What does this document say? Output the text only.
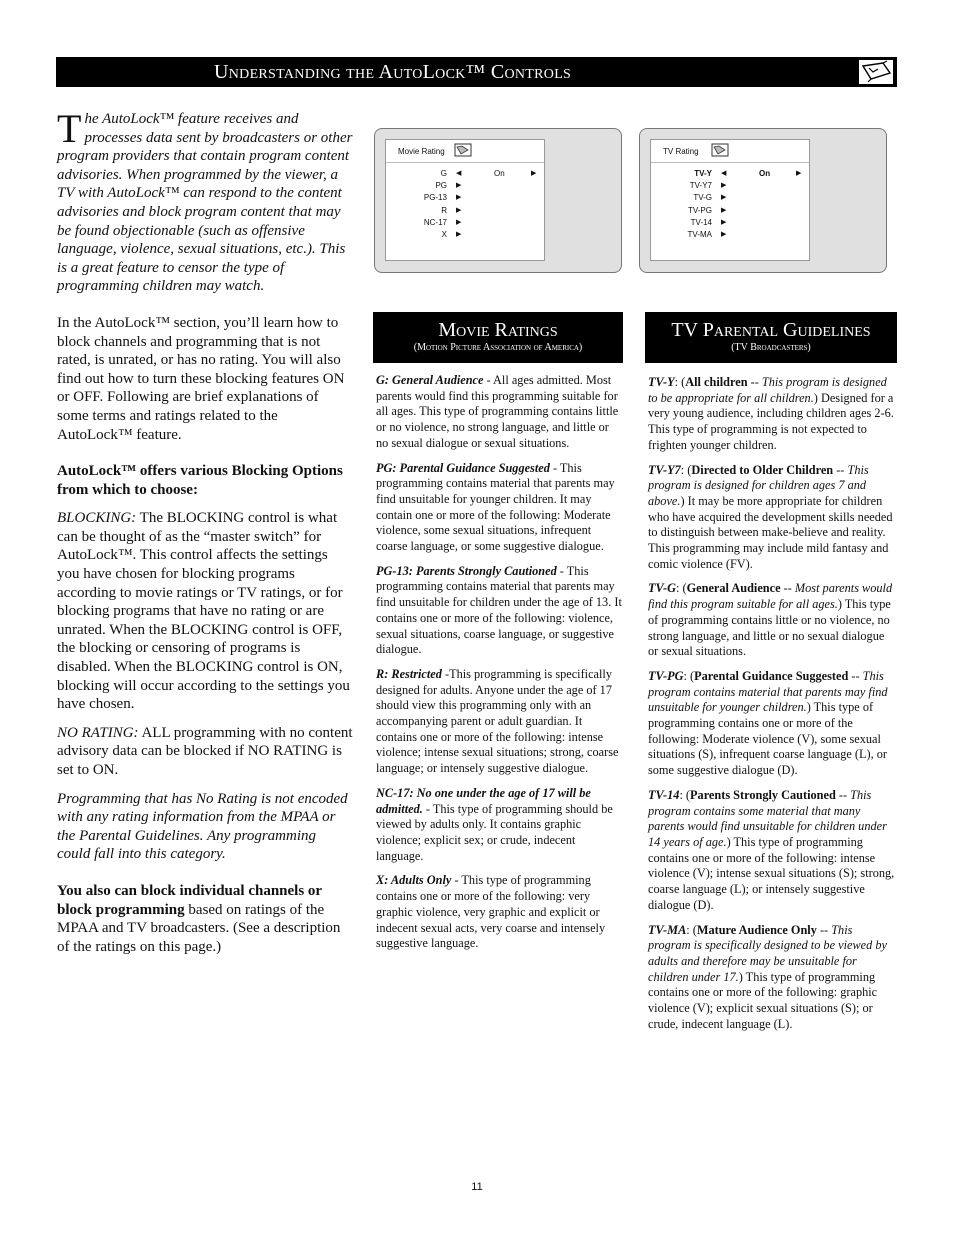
Understanding the AutoLock™ Controls

The AutoLock™ feature receives and processes data sent by broadcasters or other program providers that contain program content advisories. When programmed by the viewer, a TV with AutoLock™ can respond to the content advisories and block program content that may be found objectionable (such as offensive language, violence, sexual situations, etc.). This is a great feature to censor the type of programming children may watch.

In the AutoLock™ section, you’ll learn how to block channels and programming that is not rated, is unrated, or has no rating. You will also find out how to turn these blocking features ON or OFF. Following are brief explanations of some terms and ratings related to the AutoLock™ feature.

AutoLock™ offers various Blocking Options from which to choose:

BLOCKING: The BLOCKING control is what can be thought of as the “master switch” for AutoLock™. This control affects the settings you have chosen for blocking programs according to movie ratings or TV ratings, or for blocking programs that have no rating or are unrated. When the BLOCKING control is OFF, the blocking or censoring of programs is disabled. When the BLOCKING control is ON, blocking will occur according to the settings you have chosen.

NO RATING: ALL programming with no content advisory data can be blocked if NO RATING is set to ON.

Programming that has No Rating is not encoded with any rating information from the MPAA or the Parental Guidelines. Any programming could fall into this category.

You also can block individual channels or block programming based on ratings of the MPAA and TV broadcasters. (See a description of the ratings on this page.)

Movie Rating
G ◀	On	▶
PG ▶
PG-13 ▶
R ▶
NC-17 ▶
X ▶
TV Rating
TV-Y ◀	On	▶
TV-Y7 ▶
TV-G ▶
TV-PG ▶
TV-14 ▶
TV-MA ▶
Movie Ratings
(Motion Picture Association of America)

G: General Audience - All ages admitted. Most parents would find this programming suitable for all ages. This type of programming contains little or no violence, no strong language, and little or no sexual dialogue or sexual situations.

PG: Parental Guidance Suggested - This programming contains material that parents may find unsuitable for younger children. It may contain one or more of the following: Moderate violence, some sexual situations, infrequent coarse language, or some suggestive dialogue.

PG-13: Parents Strongly Cautioned - This programming contains material that parents may find unsuitable for children under the age of 13. It contains one or more of the following: violence, sexual situations, coarse language, or suggestive dialogue.

R: Restricted -This programming is specifically designed for adults. Anyone under the age of 17 should view this programming only with an accompanying parent or adult guardian. It contains one or more of the following: intense violence; intense sexual situations; strong, coarse language; or intensely suggestive dialogue.

NC-17: No one under the age of 17 will be admitted. - This type of programming should be viewed by adults only. It contains graphic violence; explicit sex; or crude, indecent language.

X: Adults Only - This type of programming contains one or more of the following: very graphic violence, very graphic and explicit or indecent sexual acts, very coarse and intensely suggestive language.

TV Parental Guidelines
(TV Broadcasters)

TV-Y: (All children -- This program is designed to be appropriate for all children.) Designed for a very young audience, including children ages 2-6. This type of programming is not expected to frighten younger children.

TV-Y7: (Directed to Older Children -- This program is designed for children ages 7 and above.) It may be more appropriate for children who have acquired the development skills needed to distinguish between make-believe and reality. This programming may include mild fantasy and comic violence (FV).

TV-G: (General Audience -- Most parents would find this program suitable for all ages.) This type of programming contains little or no violence, no strong language, and little or no sexual dialogue or sexual situations.

TV-PG: (Parental Guidance Suggested -- This program contains material that parents may find unsuitable for younger children.) This type of programming contains one or more of the following: Moderate violence (V), some sexual situations (S), infrequent coarse language (L), or some suggestive dialogue (D).

TV-14: (Parents Strongly Cautioned -- This program contains some material that many parents would find unsuitable for children under 14 years of age.) This type of programming contains one or more of the following: intense violence (V); intense sexual situations (S); strong, coarse language (L); or intensely suggestive dialogue (D).

TV-MA: (Mature Audience Only -- This program is specifically designed to be viewed by adults and therefore may be unsuitable for children under 17.) This type of programming contains one or more of the following: graphic violence (V); explicit sexual situations (S); or crude, indecent language (L).

11
